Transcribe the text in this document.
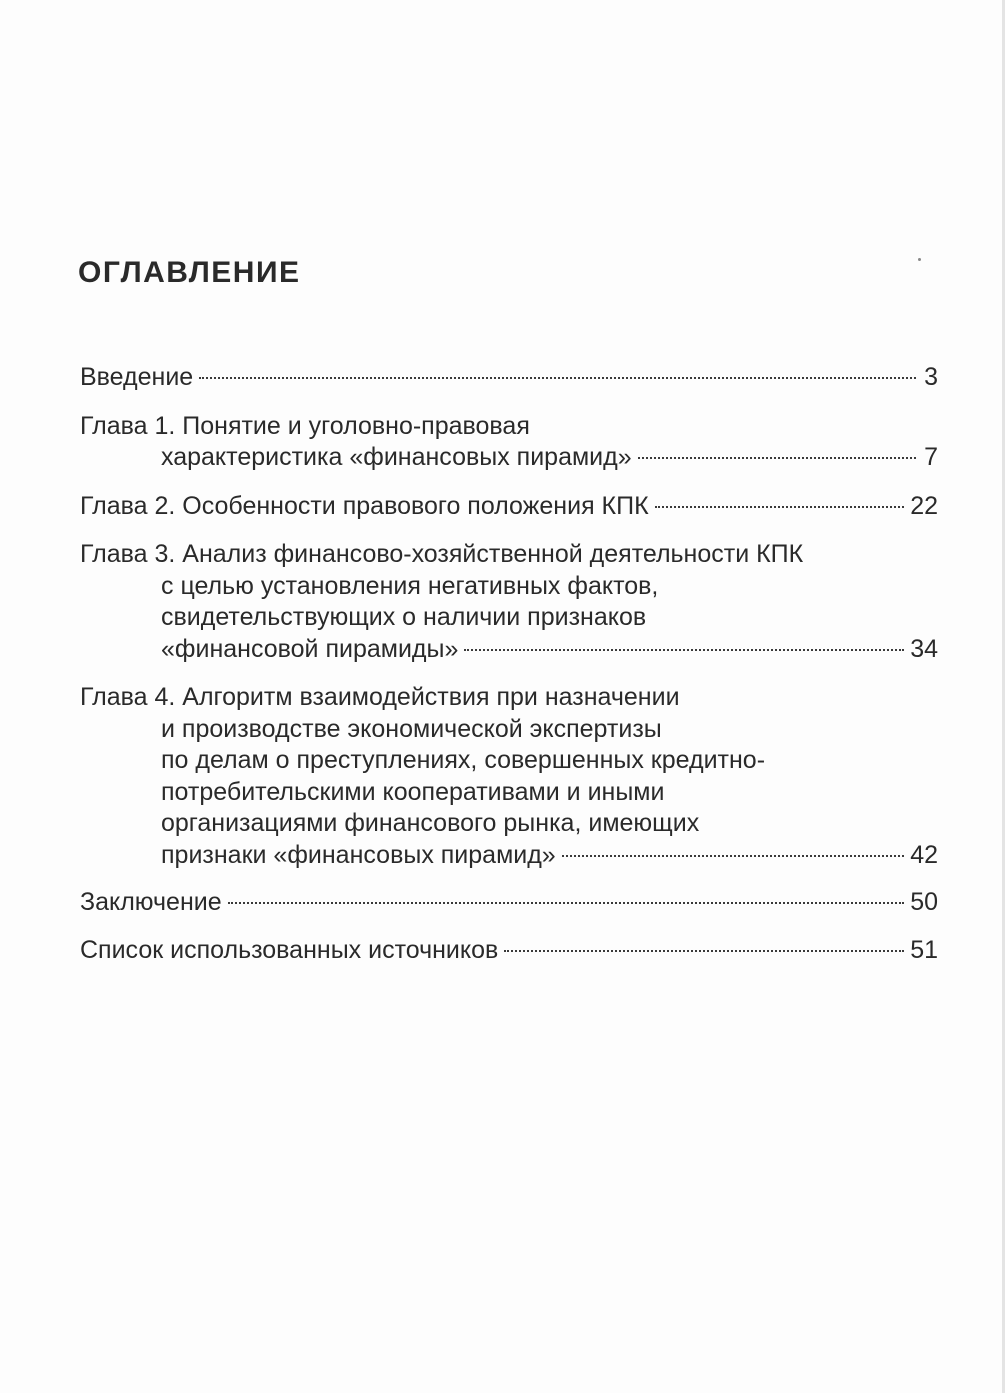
ОГЛАВЛЕНИЕ
Введение	3
Глава 1. Понятие и уголовно-правовая
характеристика «финансовых пирамид»	7
Глава 2. Особенности правового положения КПК	22
Глава 3. Анализ финансово-хозяйственной деятельности КПК
с целью установления негативных фактов,
свидетельствующих о наличии признаков
«финансовой пирамиды»	34
Глава 4. Алгоритм взаимодействия при назначении
и производстве экономической экспертизы
по делам о преступлениях, совершенных кредитно-
потребительскими кооперативами и иными
организациями финансового рынка, имеющих
признаки «финансовых пирамид»	42
Заключение	50
Список использованных источников	51
